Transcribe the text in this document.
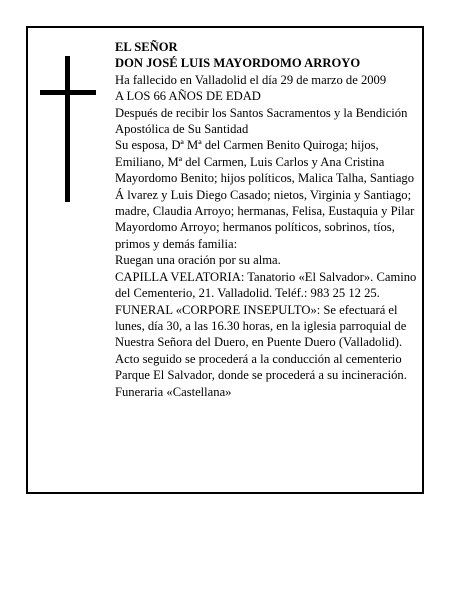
EL SEÑOR

DON JOSÉ LUIS MAYORDOMO ARROYO

Ha fallecido en Valladolid el día 29 de marzo de 2009

A LOS 66 AÑOS DE EDAD

Después de recibir los Santos Sacramentos y la Bendición Apostólica de Su Santidad

Su esposa, Dª Mª del Carmen Benito Quiroga; hijos, Emiliano, Mª del Carmen, Luis Carlos y Ana Cristina Mayordomo Benito; hijos políticos, Malica Talha, Santiago Á lvarez y Luis Diego Casado; nietos, Virginia y Santiago; madre, Claudia Arroyo; hermanas, Felisa, Eustaquia y Pilar Mayordomo Arroyo; hermanos políticos, sobrinos, tíos, primos y demás familia:

Ruegan una oración por su alma.

CAPILLA VELATORIA: Tanatorio «El Salvador». Camino del Cementerio, 21. Valladolid. Teléf.: 983 25 12 25.

FUNERAL «CORPORE INSEPULTO»: Se efectuará el lunes, día 30, a las 16.30 horas, en la iglesia parroquial de Nuestra Señora del Duero, en Puente Duero (Valladolid). Acto seguido se procederá a la conducción al cementerio Parque El Salvador, donde se procederá a su incineración.

Funeraria «Castellana»
